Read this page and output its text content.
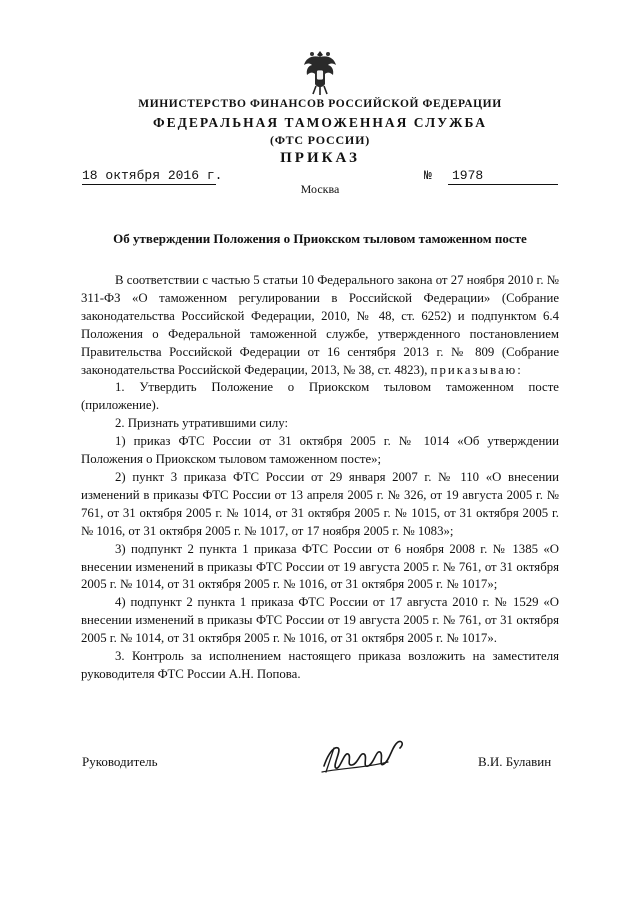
МИНИСТЕРСТВО ФИНАНСОВ РОССИЙСКОЙ ФЕДЕРАЦИИ
ФЕДЕРАЛЬНАЯ ТАМОЖЕННАЯ СЛУЖБА
(ФТС РОССИИ)
ПРИКАЗ
18 октября 2016 г.	№	1978
Москва
Об утверждении Положения о Приокском тыловом таможенном посте

В соответствии с частью 5 статьи 10 Федерального закона от 27 ноября 2010 г. № 311-ФЗ «О таможенном регулировании в Российской Федерации» (Собрание законодательства Российской Федерации, 2010, № 48, ст. 6252) и подпунктом 6.4 Положения о Федеральной таможенной службе, утвержденного постановлением Правительства Российской Федерации от 16 сентября 2013 г. № 809 (Собрание законодательства Российской Федерации, 2013, № 38, ст. 4823), приказываю:

1. Утвердить Положение о Приокском тыловом таможенном посте (приложение).

2. Признать утратившими силу:

1) приказ ФТС России от 31 октября 2005 г. № 1014 «Об утверждении Положения о Приокском тыловом таможенном посте»;

2) пункт 3 приказа ФТС России от 29 января 2007 г. № 110 «О внесении изменений в приказы ФТС России от 13 апреля 2005 г. № 326, от 19 августа 2005 г. № 761, от 31 октября 2005 г. № 1014, от 31 октября 2005 г. № 1015, от 31 октября 2005 г. № 1016, от 31 октября 2005 г. № 1017, от 17 ноября 2005 г. № 1083»;

3) подпункт 2 пункта 1 приказа ФТС России от 6 ноября 2008 г. № 1385 «О внесении изменений в приказы ФТС России от 19 августа 2005 г. № 761, от 31 октября 2005 г. № 1014, от 31 октября 2005 г. № 1016, от 31 октября 2005 г. № 1017»;

4) подпункт 2 пункта 1 приказа ФТС России от 17 августа 2010 г. № 1529 «О внесении изменений в приказы ФТС России от 19 августа 2005 г. № 761, от 31 октября 2005 г. № 1014, от 31 октября 2005 г. № 1016, от 31 октября 2005 г. № 1017».

3. Контроль за исполнением настоящего приказа возложить на заместителя руководителя ФТС России А.Н. Попова.

Руководитель	В.И. Булавин
